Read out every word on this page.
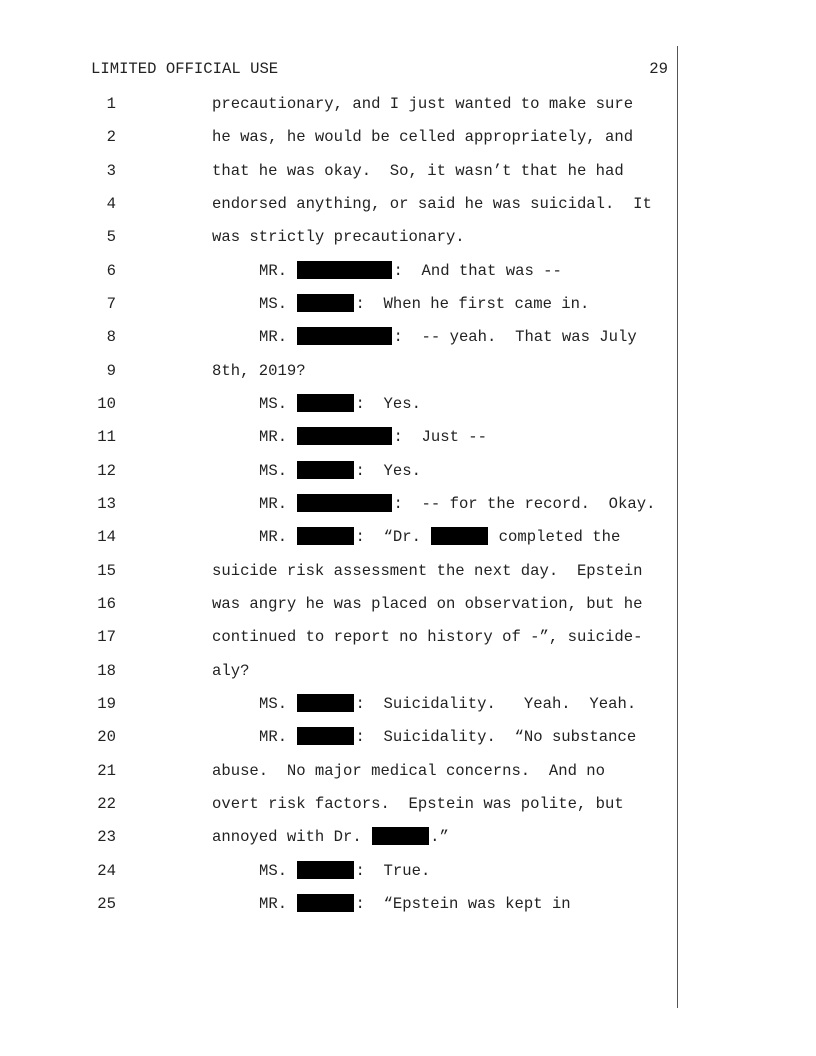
LIMITED OFFICIAL USE	29
1	precautionary, and I just wanted to make sure
2	he was, he would be celled appropriately, and
3	that he was okay.  So, it wasn’t that he had
4	endorsed anything, or said he was suicidal.  It
5	was strictly precautionary.
6	MR.	:  And that was --
7	MS.	:  When he first came in.
8	MR.	:  -- yeah.  That was July
9	8th, 2019?
10	MS.	:  Yes.
11	MR.	:  Just --
12	MS.	:  Yes.
13	MR.	:  -- for the record.  Okay.
14	MR.	:  “Dr.	completed the
15	suicide risk assessment the next day.  Epstein
16	was angry he was placed on observation, but he
17	continued to report no history of -”, suicide-
18	aly?
19	MS.	:  Suicidality.   Yeah.  Yeah.
20	MR.	:  Suicidality.  “No substance
21	abuse.  No major medical concerns.  And no
22	overt risk factors.  Epstein was polite, but
23	annoyed with Dr.	.”
24	MS.	:  True.
25	MR.	:  “Epstein was kept in
